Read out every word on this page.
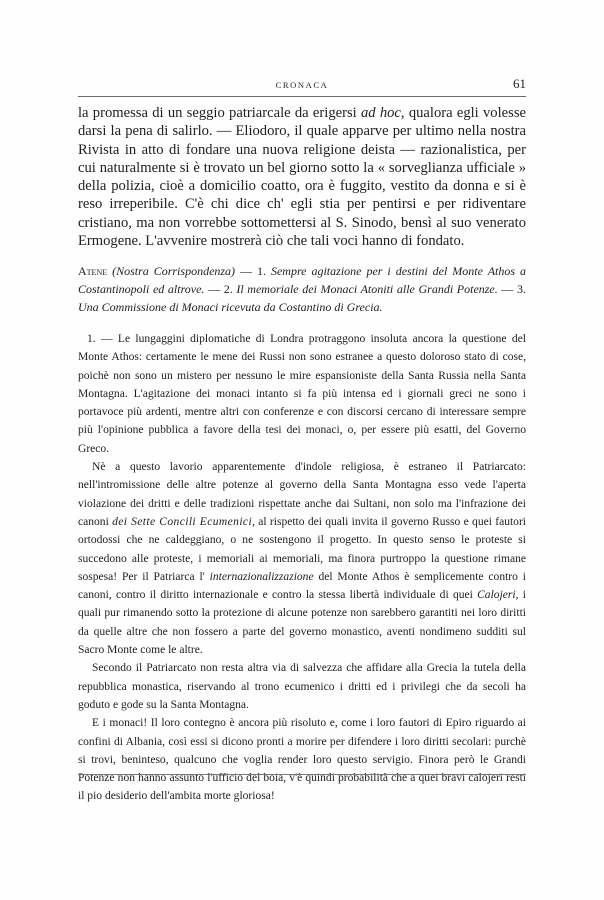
CRONACA	61

la promessa di un seggio patriarcale da erigersi ad hoc, qualora egli volesse darsi la pena di salirlo. — Eliodoro, il quale apparve per ultimo nella nostra Rivista in atto di fondare una nuova religione deista — razionalistica, per cui naturalmente si è trovato un bel giorno sotto la « sorveglianza ufficiale » della polizia, cioè a domicilio coatto, ora è fuggito, vestito da donna e si è reso irreperibile. C'è chi dice ch' egli stia per pentirsi e per ridiventare cristiano, ma non vorrebbe sottomettersi al S. Sinodo, bensì al suo venerato Ermogene. L'avvenire mostrerà ciò che tali voci hanno di fondato.

Atene (Nostra Corrispondenza) — 1. Sempre agitazione per i destini del Monte Athos a Costantinopoli ed altrove. — 2. Il memoriale dei Monaci Atoniti alle Grandi Potenze. — 3. Una Commissione di Monaci ricevuta da Costantino di Grecia.

1. — Le lungaggini diplomatiche di Londra protraggono insoluta ancora la questione del Monte Athos: certamente le mene dei Russi non sono estranee a questo doloroso stato di cose, poichè non sono un mistero per nessuno le mire espansioniste della Santa Russia nella Santa Montagna. L'agitazione dei monaci intanto si fa più intensa ed i giornali greci ne sono i portavoce più ardenti, mentre altri con conferenze e con discorsi cercano di interessare sempre più l'opinione pubblica a favore della tesi dei monaci, o, per essere più esatti, del Governo Greco.

Nè a questo lavorio apparentemente d'indole religiosa, è estraneo il Patriarcato: nell'intromissione delle altre potenze al governo della Santa Montagna esso vede l'aperta violazione dei dritti e delle tradizioni rispettate anche dai Sultani, non solo ma l'infrazione dei canoni dei Sette Concili Ecumenici, al rispetto dei quali invita il governo Russo e quei fautori ortodossi che ne caldeggiano, o ne sostengono il progetto. In questo senso le proteste si succedono alle proteste, i memoriali ai memoriali, ma finora purtroppo la questione rimane sospesa! Per il Patriarca l' internazionalizzazione del Monte Athos è semplicemente contro i canoni, contro il diritto internazionale e contro la stessa libertà individuale di quei Calojeri, i quali pur rimanendo sotto la protezione di alcune potenze non sarebbero garantiti nei loro diritti da quelle altre che non fossero a parte del governo monastico, aventi nondimeno sudditi sul Sacro Monte come le altre.

Secondo il Patriarcato non resta altra via di salvezza che affidare alla Grecia la tutela della repubblica monastica, riservando al trono ecumenico i dritti ed i privilegi che da secoli ha goduto e gode su la Santa Montagna.

E i monaci! Il loro contegno è ancora più risoluto e, come i loro fautori di Epiro riguardo ai confini di Albania, così essi si dicono pronti a morire per difendere i loro diritti secolari: purchè si trovi, beninteso, qualcuno che voglia render loro questo servigio. Finora però le Grandi Potenze non hanno assunto l'ufficio del boia, v'è quindi probabilità che a quei bravi calojeri resti il pio desiderio dell'ambita morte gloriosa!
